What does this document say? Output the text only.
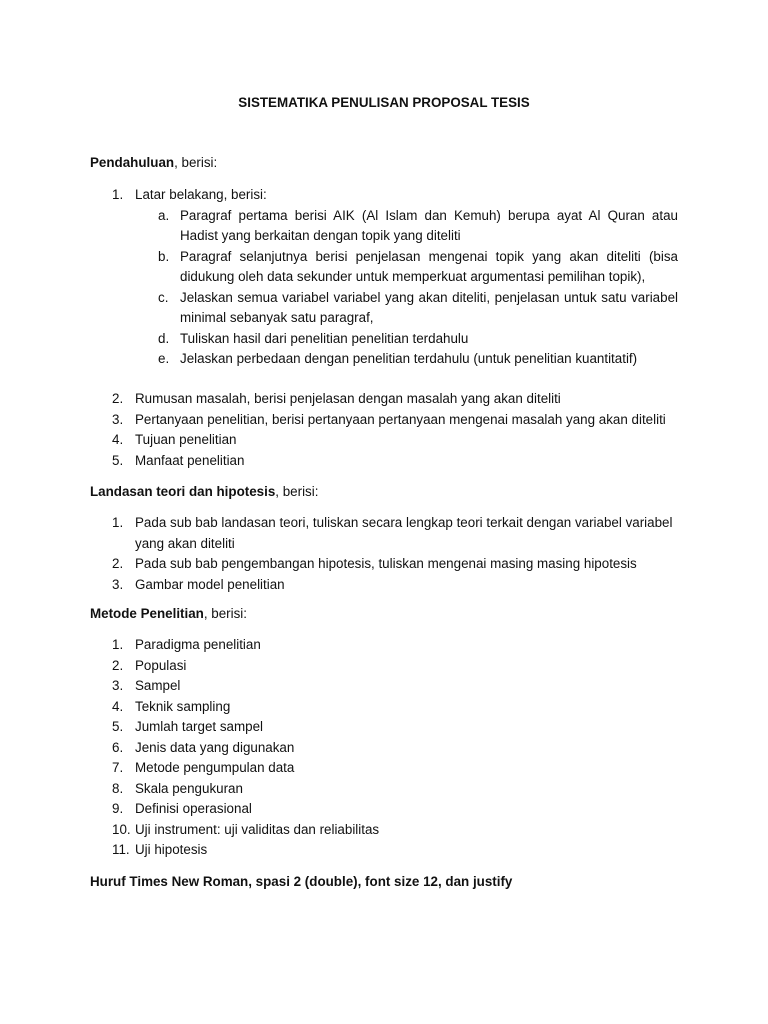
SISTEMATIKA PENULISAN PROPOSAL TESIS
Pendahuluan, berisi:
1. Latar belakang, berisi:
a. Paragraf pertama berisi AIK (Al Islam dan Kemuh) berupa ayat Al Quran atau Hadist yang berkaitan dengan topik yang diteliti
b. Paragraf selanjutnya berisi penjelasan mengenai topik yang akan diteliti (bisa didukung oleh data sekunder untuk memperkuat argumentasi pemilihan topik),
c. Jelaskan semua variabel variabel yang akan diteliti, penjelasan untuk satu variabel minimal sebanyak satu paragraf,
d. Tuliskan hasil dari penelitian penelitian terdahulu
e. Jelaskan perbedaan dengan penelitian terdahulu (untuk penelitian kuantitatif)
2. Rumusan masalah, berisi penjelasan dengan masalah yang akan diteliti
3. Pertanyaan penelitian, berisi pertanyaan pertanyaan mengenai masalah yang akan diteliti
4. Tujuan penelitian
5. Manfaat penelitian
Landasan teori dan hipotesis, berisi:
1. Pada sub bab landasan teori, tuliskan secara lengkap teori terkait dengan variabel variabel yang akan diteliti
2. Pada sub bab pengembangan hipotesis, tuliskan mengenai masing masing hipotesis
3. Gambar model penelitian
Metode Penelitian, berisi:
1. Paradigma penelitian
2. Populasi
3. Sampel
4. Teknik sampling
5. Jumlah target sampel
6. Jenis data yang digunakan
7. Metode pengumpulan data
8. Skala pengukuran
9. Definisi operasional
10. Uji instrument: uji validitas dan reliabilitas
11. Uji hipotesis
Huruf Times New Roman, spasi 2 (double), font size 12, dan justify
